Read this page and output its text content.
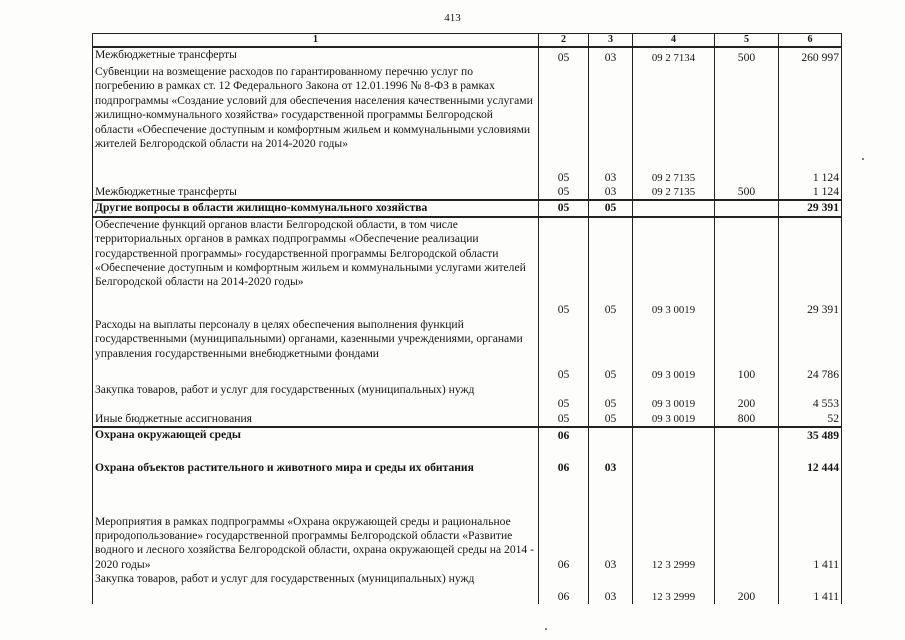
413
1	2	3	4	5	6
Межбюджетные трансферты	05	03	09 2 7134	500	260 997
Субвенции на возмещение расходов по гарантированному перечню услуг по погребению в рамках ст. 12 Федерального Закона от 12.01.1996 № 8-ФЗ в рамках подпрограммы «Создание условий для обеспечения населения качественными услугами жилищно-коммунального хозяйства» государственной программы Белгородской области «Обеспечение доступным и комфортным жильем и коммунальными условиями жителей Белгородской области на 2014-2020 годы»	05	03	09 2 7135		1 124
Межбюджетные трансферты	05	03	09 2 7135	500	1 124
Другие вопросы в области жилищно-коммунального хозяйства	05	05			29 391
Обеспечение функций органов власти Белгородской области, в том числе территориальных органов в рамках подпрограммы «Обеспечение реализации государственной программы» государственной программы Белгородской области «Обеспечение доступным и комфортным жильем и коммунальными услугами жителей Белгородской области на 2014-2020 годы»	05	05	09 3 0019		29 391
Расходы на выплаты персоналу в целях обеспечения выполнения функций государственными (муниципальными) органами, казенными учреждениями, органами управления государственными внебюджетными фондами	05	05	09 3 0019	100	24 786
Закупка товаров, работ и услуг для государственных (муниципальных) нужд	05	05	09 3 0019	200	4 553
Иные бюджетные ассигнования	05	05	09 3 0019	800	52
Охрана окружающей среды	06				35 489
Охрана объектов растительного и животного мира и среды их обитания	06	03			12 444
Мероприятия в рамках подпрограммы «Охрана окружающей среды и рациональное природопользование» государственной программы Белгородской области «Развитие водного и лесного хозяйства Белгородской области, охрана окружающей среды на 2014 - 2020 годы»	06	03	12 3 2999		1 411
Закупка товаров, работ и услуг для государственных (муниципальных) нужд	06	03	12 3 2999	200	1 411
